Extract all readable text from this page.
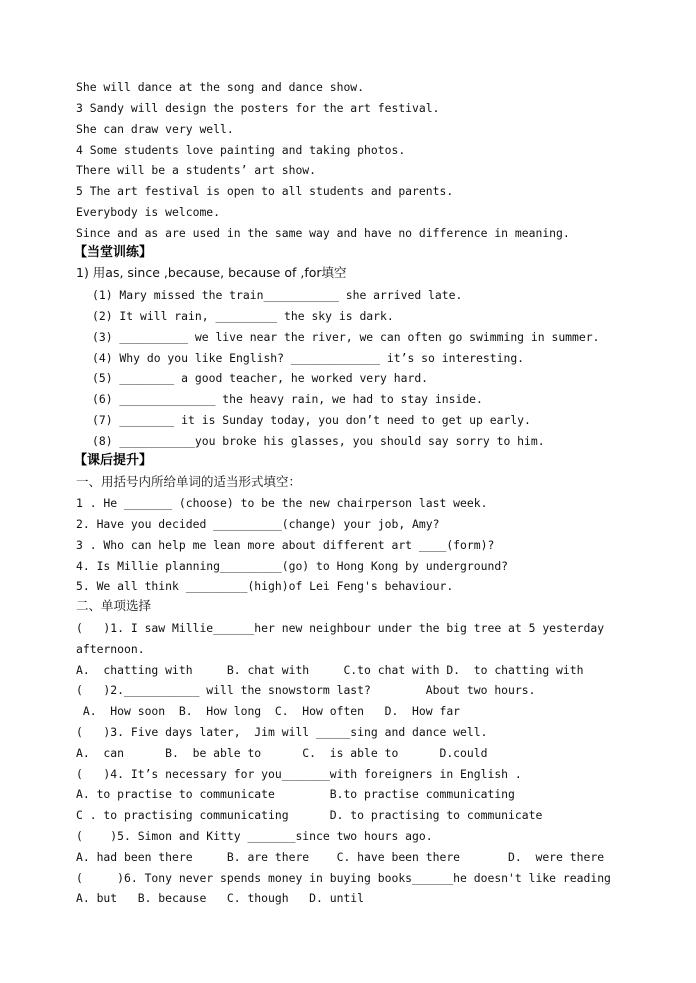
She will dance at the song and dance show.
3 Sandy will design the posters for the art festival.
She can draw very well.
4 Some students love painting and taking photos.
There will be a students’ art show.
5 The art festival is open to all students and parents.
Everybody is welcome.
Since and as are used in the same way and have no difference in meaning.
【当堂训练】
1) 用as, since ,because, because of ,for填空
(1) Mary missed the train___________ she arrived late.
(2) It will rain, _________ the sky is dark.
(3) __________ we live near the river, we can often go swimming in summer.
(4) Why do you like English? _____________ it’s so interesting.
(5) ________ a good teacher, he worked very hard.
(6) ______________ the heavy rain, we had to stay inside.
(7) ________ it is Sunday today, you don’t need to get up early.
(8) ___________you broke his glasses, you should say sorry to him.
【课后提升】
一、用括号内所给单词的适当形式填空：
1 . He _______ (choose) to be the new chairperson last week.
2. Have you decided __________(change) your job, Amy?
3 . Who can help me lean more about different art ____(form)?
4. Is Millie planning_________(go) to Hong Kong by underground?
5. We all think _________(high)of Lei Feng's behaviour.
二、单项选择
(   )1. I saw Millie______her new neighbour under the big tree at 5 yesterday
afternoon.
A.  chatting with     B. chat with     C.to chat with D.  to chatting with
(   )2.___________ will the snowstorm last?        About two hours.
A.  How soon  B.  How long  C.  How often   D.  How far
(   )3. Five days later,  Jim will _____sing and dance well.
A.  can      B.  be able to      C.  is able to      D.could
(   )4. It’s necessary for you_______with foreigners in English .
A. to practise to communicate        B.to practise communicating
C . to practising communicating      D. to practising to communicate
(    )5. Simon and Kitty _______since two hours ago.
A. had been there     B. are there    C. have been there       D.  were there
(     )6. Tony never spends money in buying books______he doesn't like reading
A. but   B. because   C. though   D. until
